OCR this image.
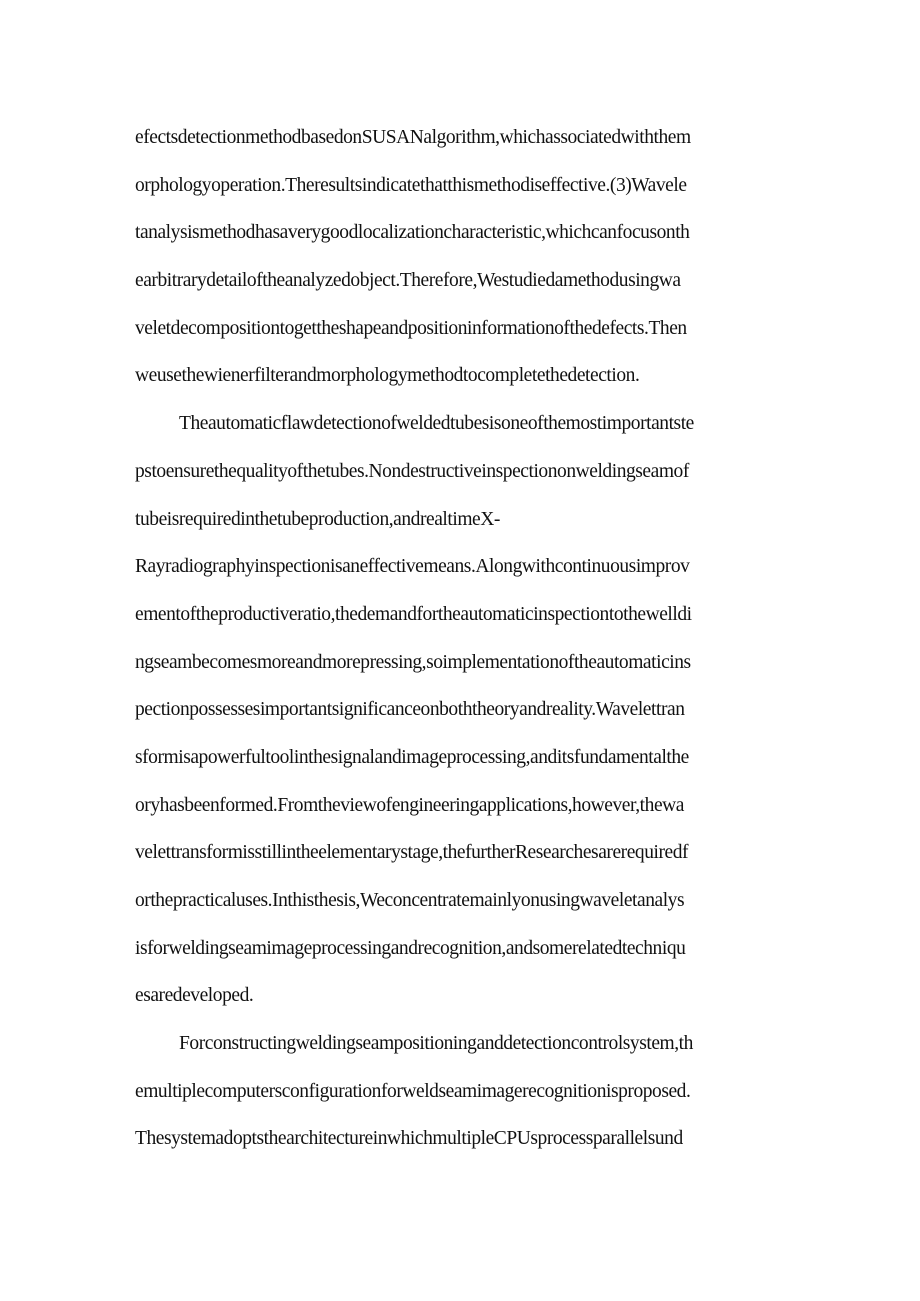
efectsdetectionmethodbasedonSUSANalgorithm,whichassociatedwiththem
orphologyoperation.Theresultsindicatethatthismethodiseffective.(3)Wavele
tanalysismethodhasaverygoodlocalizationcharacteristic,whichcanfocusonth
earbitrarydetailoftheanalyzedobject.Therefore,Westudiedamethodusingwa
veletdecompositiontogettheshapeandpositioninformationofthedefects.Then
weusethewienerfilterandmorphologymethodtocompletethedetection.
Theautomaticflawdetectionofweldedtubesisoneofthemostimportantste
pstoensurethequalityofthetubes.Nondestructiveinspectiononweldingseamof
tubeisrequiredinthetubeproduction,andrealtimeX-
Rayradiographyinspectionisaneffectivemeans.Alongwithcontinuousimprov
ementoftheproductiveratio,thedemandfortheautomaticinspectiontothewelldi
ngseambecomesmoreandmorepressing,soimplementationoftheautomaticins
pectionpossessesimportantsignificanceonboththeoryandreality.Wavelettran
sformisapowerfultoolinthesignalandimageprocessing,anditsfundamentalthe
oryhasbeenformed.Fromtheviewofengineeringapplications,however,thewa
velettransformisstillintheelementarystage,thefurtherResearchesarerequiredf
orthepracticaluses.Inthisthesis,Weconcentratemainlyonusingwaveletanalys
isforweldingseamimageprocessingandrecognition,andsomerelatedtechniqu
esaredeveloped.
Forconstructingweldingseampositioninganddetectioncontrolsystem,th
emultiplecomputersconfigurationforweldseamimagerecognitionisproposed.
ThesystemadoptsthearchitectureinwhichmultipleCPUsprocessparallelsund
